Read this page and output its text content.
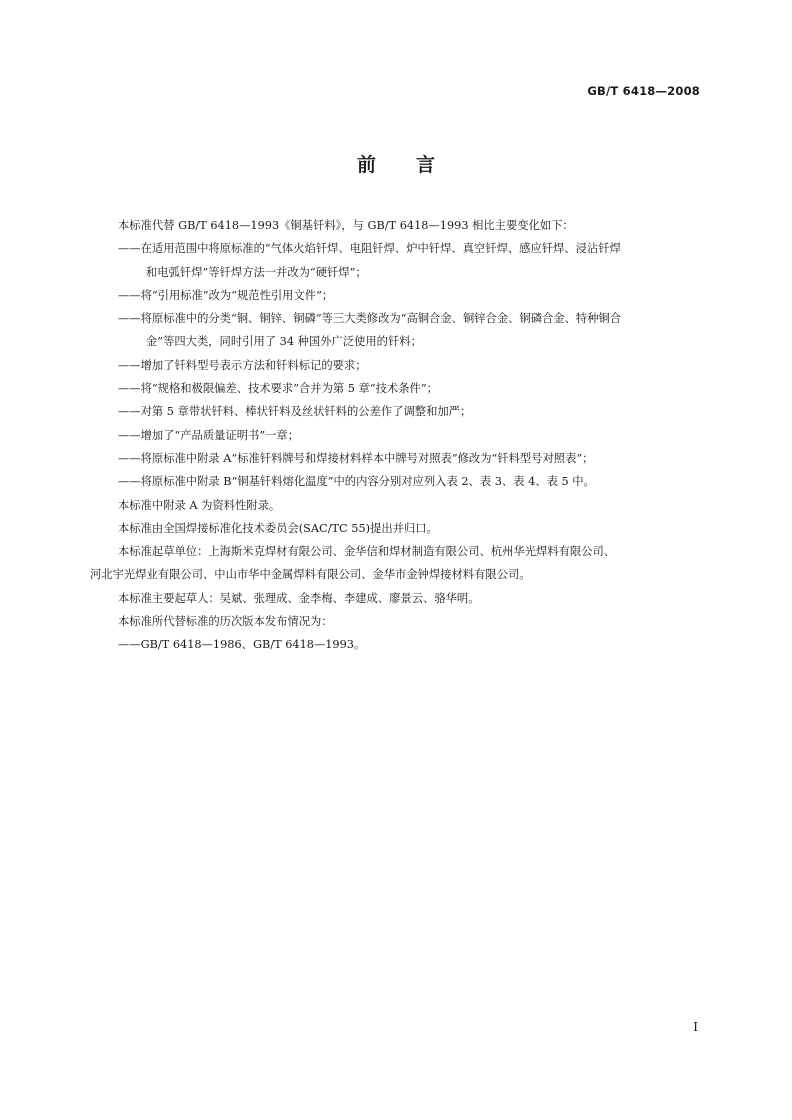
GB/T 6418—2008
前 言

本标准代替 GB/T 6418—1993《铜基钎料》，与 GB/T 6418—1993 相比主要变化如下：

——在适用范围中将原标准的“气体火焰钎焊、电阻钎焊、炉中钎焊、真空钎焊、感应钎焊、浸沾钎焊

和电弧钎焊”等钎焊方法一并改为“硬钎焊”；

——将“引用标准”改为“规范性引用文件”；

——将原标准中的分类“铜、铜锌、铜磷”等三大类修改为“高铜合金、铜锌合金、铜磷合金、特种铜合

金”等四大类，同时引用了 34 种国外广泛使用的钎料；

——增加了钎料型号表示方法和钎料标记的要求；

——将“规格和极限偏差、技术要求”合并为第 5 章“技术条件”；

——对第 5 章带状钎料、棒状钎料及丝状钎料的公差作了调整和加严；

——增加了“产品质量证明书”一章；

——将原标准中附录 A“标准钎料牌号和焊接材料样本中牌号对照表”修改为“钎料型号对照表”；

——将原标准中附录 B“铜基钎料熔化温度”中的内容分别对应列入表 2、表 3、表 4、表 5 中。

本标准中附录 A 为资料性附录。

本标准由全国焊接标准化技术委员会(SAC/TC 55)提出并归口。

本标准起草单位：上海斯米克焊材有限公司、金华信和焊材制造有限公司、杭州华光焊料有限公司、

河北宇光焊业有限公司、中山市华中金属焊料有限公司、金华市金钟焊接材料有限公司。

本标准主要起草人：吴斌、张理成、金李梅、李建成、廖景云、骆华明。

本标准所代替标准的历次版本发布情况为：

——GB/T 6418—1986、GB/T 6418—1993。

I
